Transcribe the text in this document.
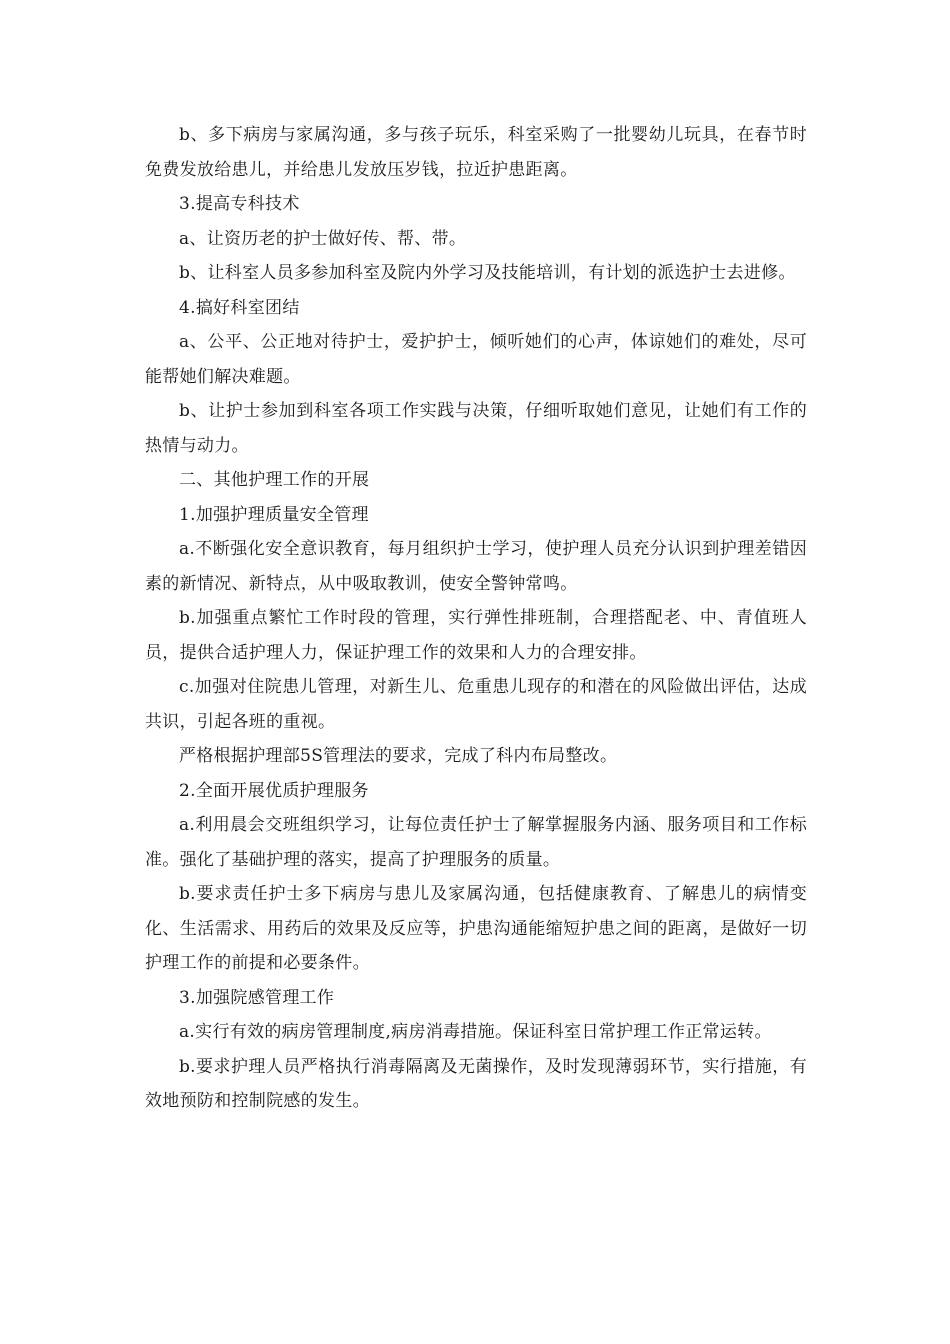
b、多下病房与家属沟通，多与孩子玩乐，科室采购了一批婴幼儿玩具，在春节时免费发放给患儿，并给患儿发放压岁钱，拉近护患距离。

3.提高专科技术

a、让资历老的护士做好传、帮、带。

b、让科室人员多参加科室及院内外学习及技能培训，有计划的派选护士去进修。

4.搞好科室团结

a、公平、公正地对待护士，爱护护士，倾听她们的心声，体谅她们的难处，尽可能帮她们解决难题。

b、让护士参加到科室各项工作实践与决策，仔细听取她们意见，让她们有工作的热情与动力。

二、其他护理工作的开展

1.加强护理质量安全管理

a.不断强化安全意识教育，每月组织护士学习，使护理人员充分认识到护理差错因素的新情况、新特点，从中吸取教训，使安全警钟常鸣。

b.加强重点繁忙工作时段的管理，实行弹性排班制，合理搭配老、中、青值班人员，提供合适护理人力，保证护理工作的效果和人力的合理安排。

c.加强对住院患儿管理，对新生儿、危重患儿现存的和潜在的风险做出评估，达成共识，引起各班的重视。

严格根据护理部5S管理法的要求，完成了科内布局整改。

2.全面开展优质护理服务

a.利用晨会交班组织学习，让每位责任护士了解掌握服务内涵、服务项目和工作标准。强化了基础护理的落实，提高了护理服务的质量。

b.要求责任护士多下病房与患儿及家属沟通，包括健康教育、了解患儿的病情变化、生活需求、用药后的效果及反应等，护患沟通能缩短护患之间的距离，是做好一切护理工作的前提和必要条件。

3.加强院感管理工作

a.实行有效的病房管理制度,病房消毒措施。保证科室日常护理工作正常运转。

b.要求护理人员严格执行消毒隔离及无菌操作，及时发现薄弱环节，实行措施，有效地预防和控制院感的发生。
